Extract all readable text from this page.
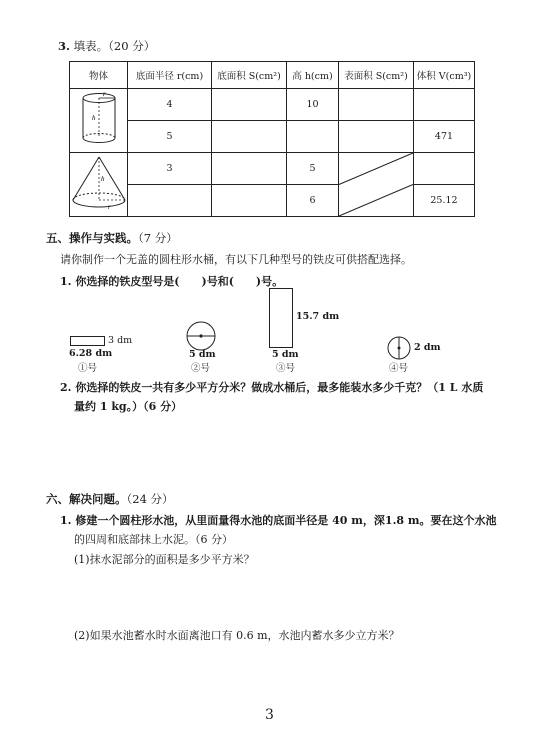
3. 填表。（20 分）
物体	底面半径 r(cm)	底面积 S(cm²)	高 h(cm)	表面积 S(cm²)	体积 V(cm³)

r
h	4		10		
	5				471

h
r	3		5	

			6		25.12
五、操作与实践。（7 分）
请你制作一个无盖的圆柱形水桶，有以下几种型号的铁皮可供搭配选择。
1. 你选择的铁皮型号是(　　)号和(　　)号。
3 dm
6.28 dm
①号
5 dm
②号
15.7 dm
5 dm
③号
2 dm
④号
2. 你选择的铁皮一共有多少平方分米？做成水桶后，最多能装水多少千克？（1 L 水质
量约 1 kg。）（6 分）
六、解决问题。（24 分）
1. 修建一个圆柱形水池，从里面量得水池的底面半径是 40 m，深1.8 m。要在这个水池
的四周和底部抹上水泥。（6 分）
(1)抹水泥部分的面积是多少平方米？
(2)如果水池蓄水时水面离池口有 0.6 m，水池内蓄水多少立方米？
3
